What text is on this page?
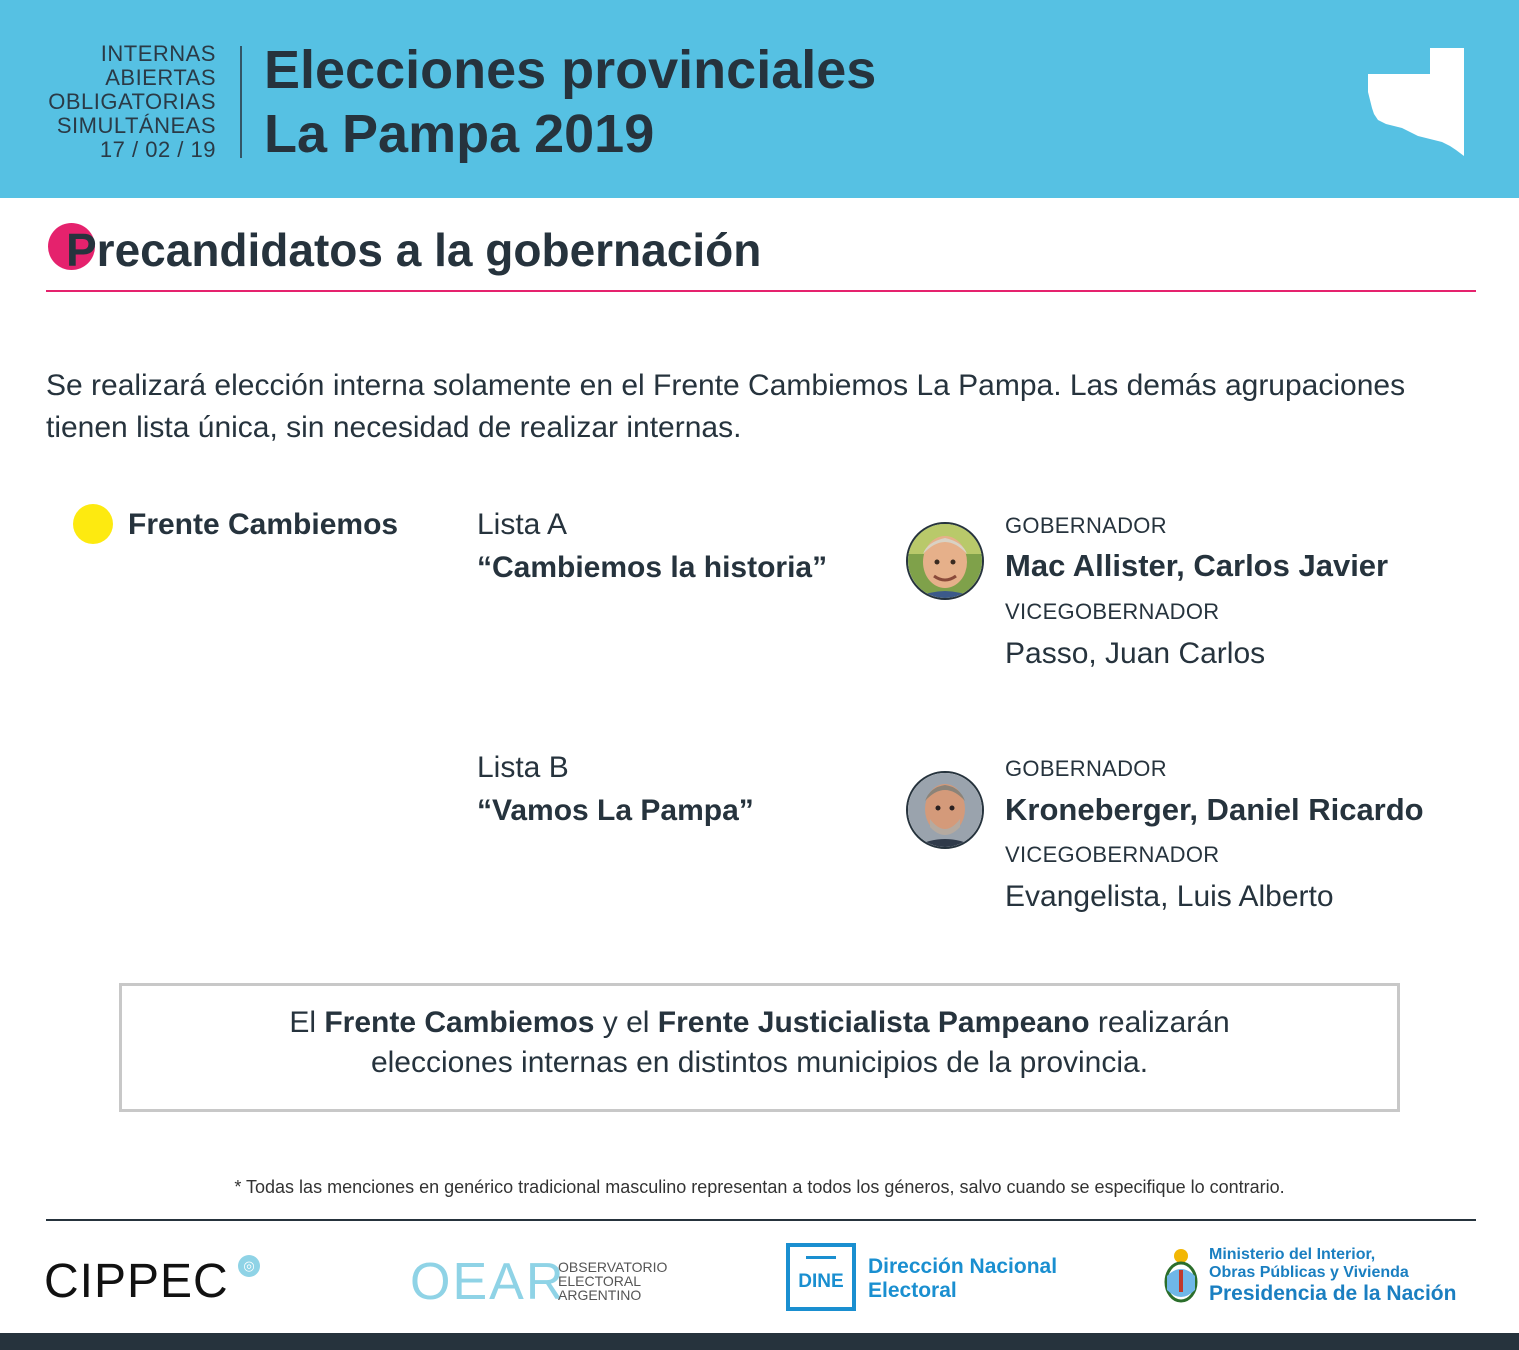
INTERNAS
ABIERTAS
OBLIGATORIAS
SIMULTÁNEAS
17 / 02 / 19
Elecciones provinciales
La Pampa 2019
Precandidatos a la gobernación
Se realizará elección interna solamente en el Frente Cambiemos La Pampa. Las demás agrupaciones tienen lista única, sin necesidad de realizar internas.
Frente Cambiemos	Lista A
“Cambiemos la historia”
GOBERNADOR
Mac Allister, Carlos Javier
VICEGOBERNADOR
Passo, Juan Carlos
Lista B
“Vamos La Pampa”
GOBERNADOR
Kroneberger, Daniel Ricardo
VICEGOBERNADOR
Evangelista, Luis Alberto
El Frente Cambiemos y el Frente Justicialista Pampeano realizarán
elecciones internas en distintos municipios de la provincia.
* Todas las menciones en genérico tradicional masculino representan a todos los géneros, salvo cuando se especifique lo contrario.
CIPPEC	◎	OEAR
OBSERVATORIO
ELECTORAL
ARGENTINO
DINE
Dirección Nacional
Electoral
Ministerio del Interior,
Obras Públicas y Vivienda
Presidencia de la Nación
